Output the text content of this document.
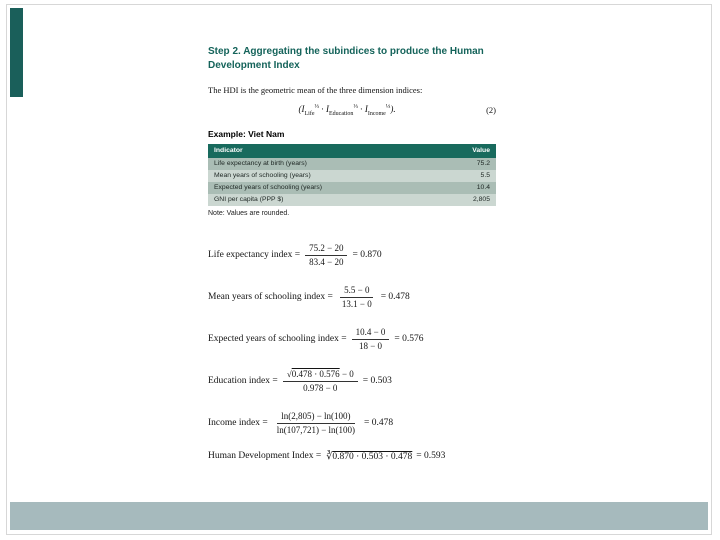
Step 2. Aggregating the subindices to produce the Human Development Index
The HDI is the geometric mean of the three dimension indices:
$(I_{Life}^{\frac{1}{3}} \cdot I_{Education}^{\frac{1}{3}} \cdot I_{Income}^{\frac{1}{3}})$.	(2)
Example: Viet Nam
Indicator	Value
Life expectancy at birth (years)	75.2
Mean years of schooling (years)	5.5
Expected years of schooling (years)	10.4
GNI per capita (PPP $)	2,805
Note: Values are rounded.
Life expectancy index = $\frac{75.2 - 20}{83.4 - 20} = 0.870$
Mean years of schooling index = $\frac{5.5 - 0}{13.1 - 0} = 0.478$
Expected years of schooling index = $\frac{10.4 - 0}{18 - 0} = 0.576$
Education index = $\frac{√0.478 \cdot 0.576 - 0}{0.978 - 0} = 0.503$
Income index = $\frac{\ln(2,805) - \ln(100)}{\ln(107,721) - \ln(100)} = 0.478$
Human Development Index = ∛0.870 · 0.503 · 0.478 = 0.593
